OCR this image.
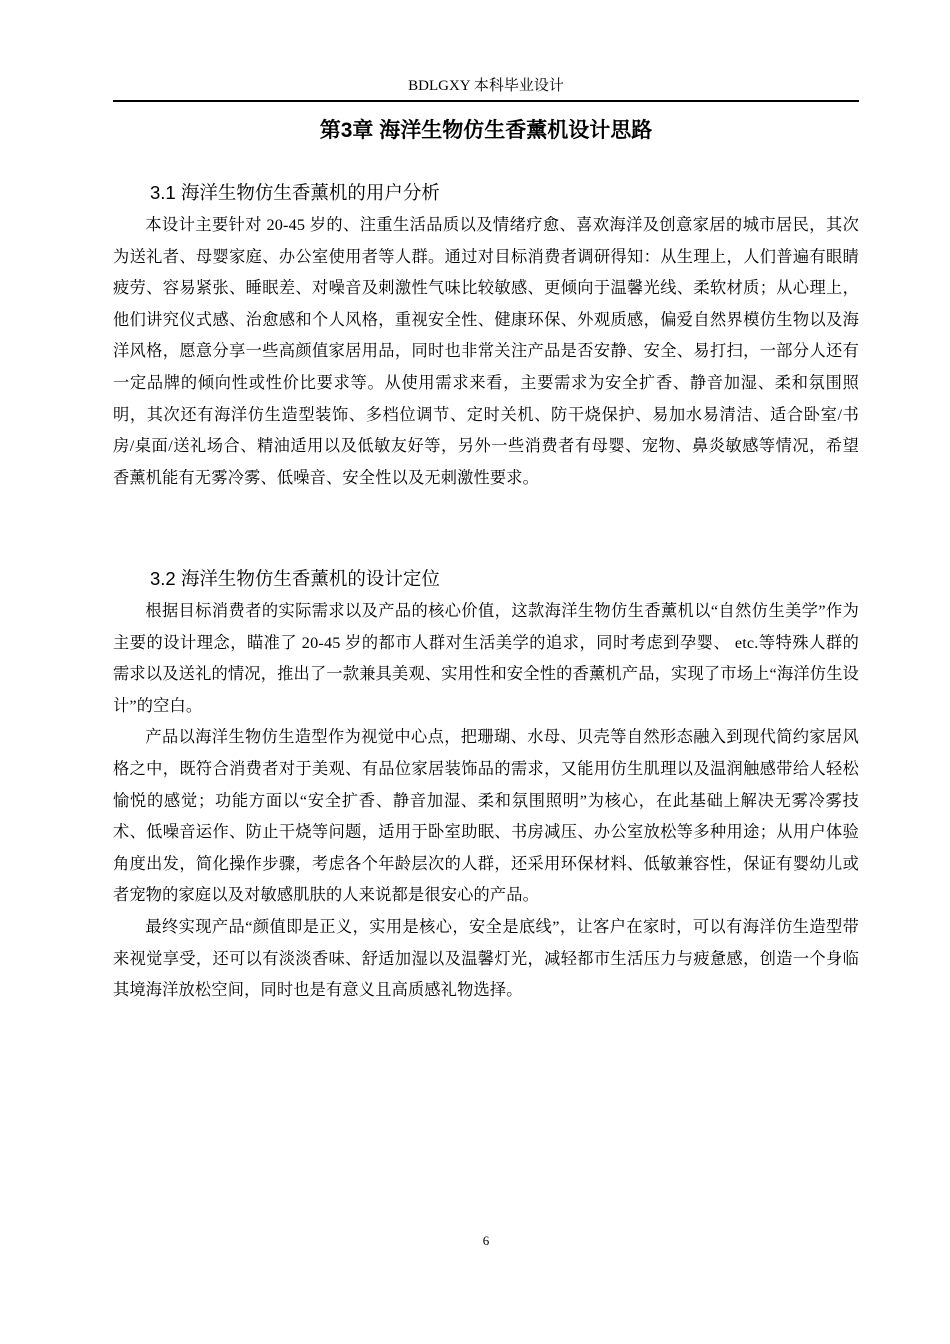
BDLGXY 本科毕业设计
第3章 海洋生物仿生香薰机设计思路
3.1 海洋生物仿生香薰机的用户分析

本设计主要针对 20-45 岁的、注重生活品质以及情绪疗愈、喜欢海洋及创意家居的城市居民，其次为送礼者、母婴家庭、办公室使用者等人群。通过对目标消费者调研得知：从生理上，人们普遍有眼睛疲劳、容易紧张、睡眠差、对噪音及刺激性气味比较敏感、更倾向于温馨光线、柔软材质；从心理上，他们讲究仪式感、治愈感和个人风格，重视安全性、健康环保、外观质感，偏爱自然界模仿生物以及海洋风格，愿意分享一些高颜值家居用品，同时也非常关注产品是否安静、安全、易打扫，一部分人还有一定品牌的倾向性或性价比要求等。从使用需求来看，主要需求为安全扩香、静音加湿、柔和氛围照明，其次还有海洋仿生造型装饰、多档位调节、定时关机、防干烧保护、易加水易清洁、适合卧室/书房/桌面/送礼场合、精油适用以及低敏友好等，另外一些消费者有母婴、宠物、鼻炎敏感等情况，希望香薰机能有无雾冷雾、低噪音、安全性以及无刺激性要求。

3.2 海洋生物仿生香薰机的设计定位

根据目标消费者的实际需求以及产品的核心价值，这款海洋生物仿生香薰机以“自然仿生美学”作为主要的设计理念，瞄准了 20-45 岁的都市人群对生活美学的追求，同时考虑到孕婴、 etc.等特殊人群的需求以及送礼的情况，推出了一款兼具美观、实用性和安全性的香薰机产品，实现了市场上“海洋仿生设计”的空白。

产品以海洋生物仿生造型作为视觉中心点，把珊瑚、水母、贝壳等自然形态融入到现代简约家居风格之中，既符合消费者对于美观、有品位家居装饰品的需求，又能用仿生肌理以及温润触感带给人轻松愉悦的感觉；功能方面以“安全扩香、静音加湿、柔和氛围照明”为核心，在此基础上解决无雾冷雾技术、低噪音运作、防止干烧等问题，适用于卧室助眠、书房减压、办公室放松等多种用途；从用户体验角度出发，简化操作步骤，考虑各个年龄层次的人群，还采用环保材料、低敏兼容性，保证有婴幼儿或者宠物的家庭以及对敏感肌肤的人来说都是很安心的产品。

最终实现产品“颜值即是正义，实用是核心，安全是底线”，让客户在家时，可以有海洋仿生造型带来视觉享受，还可以有淡淡香味、舒适加湿以及温馨灯光，减轻都市生活压力与疲惫感，创造一个身临其境海洋放松空间，同时也是有意义且高质感礼物选择。

6
